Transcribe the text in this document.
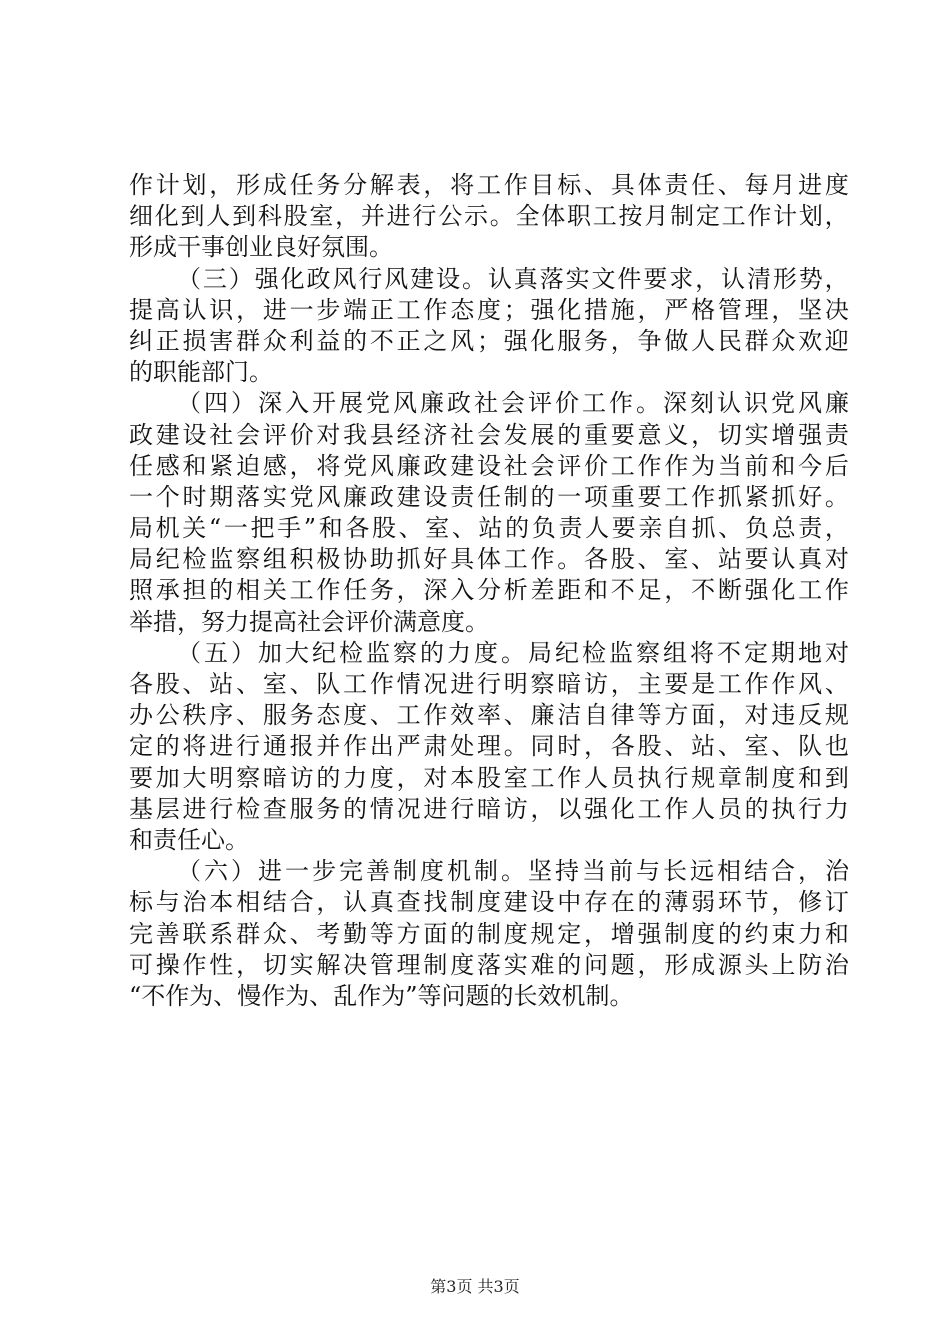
作 计 划 ， 形 成 任 务 分 解 表 ， 将 工 作 目 标 、 具 体 责 任 、 每 月 进 度
细 化 到 人 到 科 股 室 ， 并 进 行 公 示 。 全 体 职 工 按 月 制 定 工 作 计 划 ，
形成干事创业良好氛围。
（ 三 ） 强 化 政 风 行 风 建 设 。 认 真 落 实 文 件 要 求 ， 认 清 形 势 ，
提 高 认 识 ， 进 一 步 端 正 工 作 态 度 ； 强 化 措 施 ， 严 格 管 理 ， 坚 决
纠 正 损 害 群 众 利 益 的 不 正 之 风 ； 强 化 服 务 ， 争 做 人 民 群 众 欢 迎
的职能部门。
（ 四 ） 深 入 开 展 党 风 廉 政 社 会 评 价 工 作 。 深 刻 认 识 党 风 廉
政 建 设 社 会 评 价 对 我 县 经 济 社 会 发 展 的 重 要 意 义 ， 切 实 增 强 责
任 感 和 紧 迫 感 ， 将 党 风 廉 政 建 设 社 会 评 价 工 作 作 为 当 前 和 今 后
一 个 时 期 落 实 党 风 廉 政 建 设 责 任 制 的 一 项 重 要 工 作 抓 紧 抓 好 。
局 机 关 “ 一 把 手 ” 和 各 股 、 室 、 站 的 负 责 人 要 亲 自 抓 、 负 总 责 ，
局 纪 检 监 察 组 积 极 协 助 抓 好 具 体 工 作 。 各 股 、 室 、 站 要 认 真 对
照 承 担 的 相 关 工 作 任 务 ， 深 入 分 析 差 距 和 不 足 ， 不 断 强 化 工 作
举措，努力提高社会评价满意度。
（ 五 ） 加 大 纪 检 监 察 的 力 度 。 局 纪 检 监 察 组 将 不 定 期 地 对
各 股 、 站 、 室 、 队 工 作 情 况 进 行 明 察 暗 访 ， 主 要 是 工 作 作 风 、
办 公 秩 序 、 服 务 态 度 、 工 作 效 率 、 廉 洁 自 律 等 方 面 ， 对 违 反 规
定 的 将 进 行 通 报 并 作 出 严 肃 处 理 。 同 时 ， 各 股 、 站 、 室 、 队 也
要 加 大 明 察 暗 访 的 力 度 ， 对 本 股 室 工 作 人 员 执 行 规 章 制 度 和 到
基 层 进 行 检 查 服 务 的 情 况 进 行 暗 访 ， 以 强 化 工 作 人 员 的 执 行 力
和责任心。
（ 六 ） 进 一 步 完 善 制 度 机 制 。 坚 持 当 前 与 长 远 相 结 合 ， 治
标 与 治 本 相 结 合 ， 认 真 查 找 制 度 建 设 中 存 在 的 薄 弱 环 节 ， 修 订
完 善 联 系 群 众 、 考 勤 等 方 面 的 制 度 规 定 ， 增 强 制 度 的 约 束 力 和
可 操 作 性 ， 切 实 解 决 管 理 制 度 落 实 难 的 问 题 ， 形 成 源 头 上 防 治
“不作为、慢作为、乱作为”等问题的长效机制。
第3页 共3页
